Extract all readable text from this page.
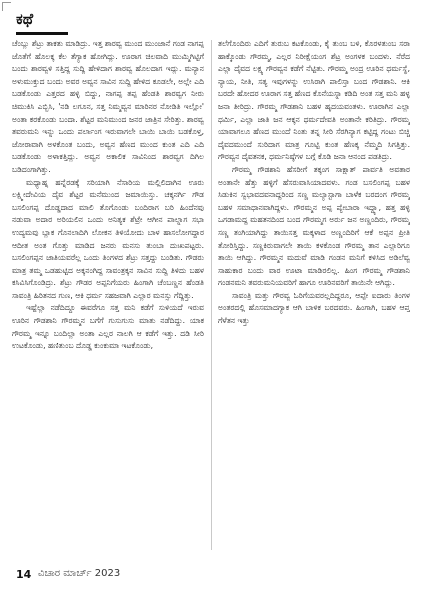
ಕಥೆ

ಚೆಂಬ್ಲು ಶೆಟ್ರು ತಾಕತು ಮಾಡಿದ್ರು. ಇತ್ತ ಶಾರವ್ವ ಮುಂದ ಮುಂಜಾನೆ ಗಂಡ ನಾಗಪ್ಪ ಜೊತೆಗೆ ಹೊಲಕ್ಕ ಕೆಲ ತೆಗ್ಯಾಕ ಹೋಗಿದ್ಲು. ಊರಾಗ ಚಿಲವಾದಿ ಮುಮ್ಮಿಗಿಟ್ಟಿಗೆ ಬಂದು ಶಾರವ್ವಳಿ ಸತ್ತಿದ್ದ ಸುದ್ದಿ ಹೇಳಿದಾಗ ಶಾರವ್ವ ಹೊಲದಾಗ ಇದ್ಲು. ಮನ್ಯಾನ ಅಳುಮುಕ್ತುದ ಬಂದು ಅವರ ಅವ್ವನ ಸಾವಿನ ಸುದ್ದಿ ಹೇಳಿದ ಕೂಡಲೇ, ಅಲ್ಲೇ ಎದಿ ಬಡಕೊಂಡು ಎತ್ತರದ ಹಳ್ಳಿ ಬಿದ್ದು, ನಾಗಪ್ಪ ತಪ್ಪ ಹೆಂಡತಿ ಶಾರವ್ವಗ ನೀರು ಚಿಮುಕಿಸಿ ಎಬ್ಬಿಸಿ, 'ನಡಿ ಲಗೂನ, ಸತ್ತ ನಿಮ್ಮವ್ವನ ಮಾರಿನರ ನೋಡಿತಿ ಇಲ್ಲೋ' ಅಂತಾ ಕರಕೊಂಡು ಬಂದಾ. ಶೆಟ್ಟರ ಮನಿಮುಂದ ಜನರ ಜಾತ್ರಿನ ಸೇರಿತ್ತು. ಶಾರವ್ವ ತವರುಮನಿ ಇನ್ನು ಒಂದು ಪರ್ಲಾಂಗ ಇರುವಾಗಲೇ ಬಾಯಿ ಬಾಯಿ ಬಡಕೊಳ್ತ, ಜೋರಾವಾಗಿ ಅಳಕೊಂತ ಬಂದು, ಅವ್ವನ ಹೆಣದ ಮುಂದ ಕುಂತ ಎದಿ ಎದಿ ಬಡಕೊಂಡು ಅಳಾಕತ್ತಿದ್ಲು. ಅವ್ವನ ಅಕಾಲಿಕ ಸಾವಿನಿಂದ ಶಾರವ್ವಗ ದಿಗಿಲ ಬಡಿದಂಗಾಗಿತ್ತು.

ಮಧ್ಯಾಹ್ನ ಹನ್ನೆರಡಕ್ಕೆ ಸರಿಯಾಗಿ ನೆಸಾರಿಯ ಮಲ್ಲಿಲಿದಾಗಿನ ಊರು ಲಕ್ಷ್ಮೀದೇವಿಯ ದೈವ ಶೆಟ್ಟರ ಮನೆಮುಂದ ಜಮಾಯಿಸ್ತು. ಚಕ್ಕನರ್ಗಿ ಗೌಡ ಬಸಲಿಂಗಪ್ಪ ದೊಡ್ಡದಾದ ಮಾಲಿ ತೊಗೊಂಡು ಬಂದಿರಾಗ ಬರಿ ಹಿಂದೆನವು ನಡುವಾ ಅದಾರ ಅರಿಯಲಿನ ಒಂದು ಅನಿತ್ಯಕ ಶೆಟ್ರೇ ಆಗೀನ ಪಾಲ್ನಾಗ ಸಭಾ ಉದ್ಯಮವು ಬ್ಲಾಕ ಗೊನಲಾದಿಗಿ ಲೋಕನ ತಿಳಿಯೋದು ಬಾಳ ಹಾಸಲೋಗದ್ದಾರ ಆದೀತ ಅಂತ ಗೊತ್ತು ಮಾಡಿದ ಜನರು ಮನಸು ತುಂಬಾ ದುಃಖಪಟ್ಟರು. ಬಸಲಿಂಗಪ್ಪನ ಜಾತಿಯವರೆಲ್ಲ ಒಂದು ತಿಂಗಳದ ಶೆಟ್ರು ಸತ್ತದ್ದು ಬಂಡಿತು. ಗೌಡರು ಮಾತ್ರ ತಮ್ಮ ಒಡಹುಟ್ಟಿದ ಅಕ್ಕನಂಗಿದ್ದ ಸಾವಂತ್ರಕ್ಕನ ಸಾವಿನ ಸುದ್ದಿ ತಿಳಿದು ಬಹಳ ಕಸಿವಿಸಿಗೊಂಡಿದ್ರು. ಶೆಟ್ರು ಗೌಡರ ಅಪ್ಪನಿಗೆಯರು ಹಿಂಗಾಗಿ ಚೆಂಬಣ್ಣನ ಹೆಂಡತಿ ಸಾವಂತ್ರಿ ಹಿರಿತನದ ಗುಣ, ಆಕಿ ಧರ್ಮ ಸಹಜವಾಗಿ ಎಲ್ಲಾರ ಮನಸ್ಸು ಗೆದ್ದಿತ್ತು.

ಇಷ್ಟೆಲ್ಲಾ ನಡೆದಿದ್ದೂ ಈವರೆಗೂ ಸತ್ತ ಮನಿ ಕಡೆಗೆ ಸುಳಿಯದೆ ಇರುವ ಊರಿನ ಗೌಡಶಾನಿ ಗೌರಮ್ಮನ ಬಗೆಗೆ ಗುಸುಗುಸು ಮಾತು ನಡೆದಿದ್ದು. ಯಾಕ ಗೌರಮ್ಮ ಇನ್ನೂ ಬಂದಿಲ್ಲಾ ಅಂತಾ ಎಲ್ಲರ ನಾಲಗಿ ಆ ಕಡೆಗೆ ಇತ್ತು. ದಡಿ ಸೀರಿ ಉಟಕೊಂಡು, ಹಣಿತುಂಬ ದೊಡ್ಡ ಕುಂಕುಮಾ ಇಟಕೊಂಡು,

ತಲೆಗೊಂದಿರು ಎದಿಗೆ ತುರುಬ ಕಟಕೊಂಡು, ಕೈ ತುಂಬ ಬಳಿ, ಕೊರಳತುಂಬ ಸರಾ ಹಾಕ್ಕೊಂಡು ಗೌರಮ್ಮ, ಎಲ್ಲರ ನಿರೀಕ್ಷೆಯಂಗ ಶೆಟ್ರ ಅಂಗಳಕ ಬಂದಳು. ನೆರೆದ ಎಲ್ಲಾ ದೈವದ ಲಕ್ಷ್ಯ ಗೌರವ್ವನ ಕಡೆಗೆ ನೆಟ್ಟಿತು. ಗೌರಮ್ಮ ಅಂದ್ರ ಊರಿನ ಧರ್ಮಸ್ಥೆ, ನ್ಯಾಯ, ನೀತಿ, ಸತ್ಯ ಇವುಗಳನ್ನು ಉಸಿರಾಗಿ ಪಾಲಿಸ್ತಾ ಬಂದ ಗೌಡಶಾನಿ. ಆಕಿ ಬರದೇ ಹೋದರ ಊರಾಗ ಸತ್ತ ಹೆಣದ ಕೊನೆಯಸ್ನಾ ಕಡಿದಿ ಅಂತ ಸತ್ತ ಮನಿ ಹಳ್ಳ ಜನಾ ತೀರಿದ್ರು. ಗೌರಮ್ಮ ಗೌಡಶಾನಿ ಬಹಳ ಹೃದಯವಂತಳು. ಊರಾಗಿನ ಎಲ್ಲಾ ಧರ್ಮಿ, ಎಲ್ಲಾ ಜಾತಿ ಜನ ಆಕ್ಕನ ಧರ್ಮದೇವತಿ ಅಂತಾನೇ ಕರಿತಿದ್ರು. ಗೌರಮ್ಮ ಯಾವಾಗಲೂ ಹೆಣದ ಮುಂದೆ ನಿಂತು ತನ್ನ ಸೀರಿ ಸೆರಗಿನ್ಯಾಗ ಕಟ್ಟಿದ್ದ ಗಂಟು ಬಿಚ್ಚಿ ದೈವದಮುಂದೆ ಸುರಿದಾಗ ಮಾತ್ರ ಗೂಟ್ಟಿ ಕುಂತ ಹೆಣಕ್ಕ ನೆಮ್ಮದಿ ಸಿಗತ್ತಿತ್ತು. ಗೌರವ್ವನ ದೈವತನಕ, ಧರ್ಮನಿಷ್ಠೆಗಳ ಬಗ್ಗೆ ಕೊಡಿ ಜನಾ ಆನಂದ ಪಡತಿದ್ರು.

ಗೌರಮ್ಮ ಗೌಡಶಾನಿ ಹೆಸರೀಗೆ ತಕ್ಕಂಗ ಸಾಕ್ಷಾತ್ ಪಾರ್ವತಿ ಅವತಾರ ಅಂತಾನೇ ಹೆತ್ತು ಹಳ್ಳಿಗೆ ಹೆಸರುವಾಸಿಯಾದವಳು. ಗಂಡ ಬಸಲಿಂಗಪ್ಪ ಬಹಳ ಸಿಡುಕಿನ ಸ್ವಭಾವದವನಾದ್ದರಿಂದ ಸಣ್ಣ ಮಲ್ಯಾಸ್ಟಾಗಾ ಬಾಳೆಕ ಬರದಂಗ ಗೌರಮ್ಮ ಬಹಳ ಸಮಾಧಾನವಾಗಿದ್ದಳು. ಗೌರಮ್ಮನ ಅಪ್ಪ ಪ್ಯೇಬಾರಾ ಇದ್ದ್ಯಾ, ಹತ್ತ ಹಳ್ಳಿ ಒಗಡಾಮದ್ದ ಮಹತನದಿಂದ ಬಂದ ಗೌರಮ್ಮಗ ಅರ್ರು ಜನ ಅಣ್ಣಂದಿರು, ಗೌರಮ್ಮ ಸಣ್ಣ ತಂಗಿಯಾಗಿದ್ದು ತಾಯಿಸತ್ತ ಮಕ್ಕಳಾದ ಅಣ್ಣಂದಿರಿಗೆ ಆಕೆ ಅಪ್ಪನ ಪ್ರೀತಿ ತೋರಿಸ್ತಿದ್ದು. ಸಣ್ಣಕಿರುವಾಗಲೇ ತಾಯಿ ಕಳಕೊಂಡ ಗೌರಮ್ಮ ತಾನ ಎಲ್ಲಾರಿಗೂ ತಾಯಿ ಆಗಿದ್ದು. ಗೌರಮ್ಮನ ಮದುವೆ ಮಾಡಿ ಗಂಡನ ಮನಿಗೆ ಕಳಿಸಿದ ಅಡಿಲೆವ್ವ ಸಾಹುಕಾರ ಬಂದು ವಾರ ಊಟಾ ಮಾಡಿರಲಿಲ್ಲ. ಹಿಂಗ ಗೌರಮ್ಮ ಗೌಡಶಾನಿ ಗಂಡನಮನಿ ತವರುಮನಿಯವರಿಗೆ ಹಾಗೂ ಊರಿನವರಿಗೆ ತಾಯಿನೇ ಆಗಿದ್ಲು.

ಸಾವಂತ್ರಿ ಮತ್ತು ಗೌರವ್ವ ಓರಿಗೆಯವರಲ್ಲದಿದ್ದರೂ, ಆಪ್ಪೇ ಐದಾರು ತಿಂಗಳ ಅಂತರದಲ್ಲಿ ಹೊಸಮಾದಗ್ಯಾಕ ಆಗಿ ಬಾಳಿಕ ಬರದವರು. ಹಿಂಗಾಗಿ, ಬಹಳ ಆಪ್ತ ಗೆಳೆತನ ಇತ್ತು

14 ವಿಚಾರ ಮಾರ್ಚ್ 2023
